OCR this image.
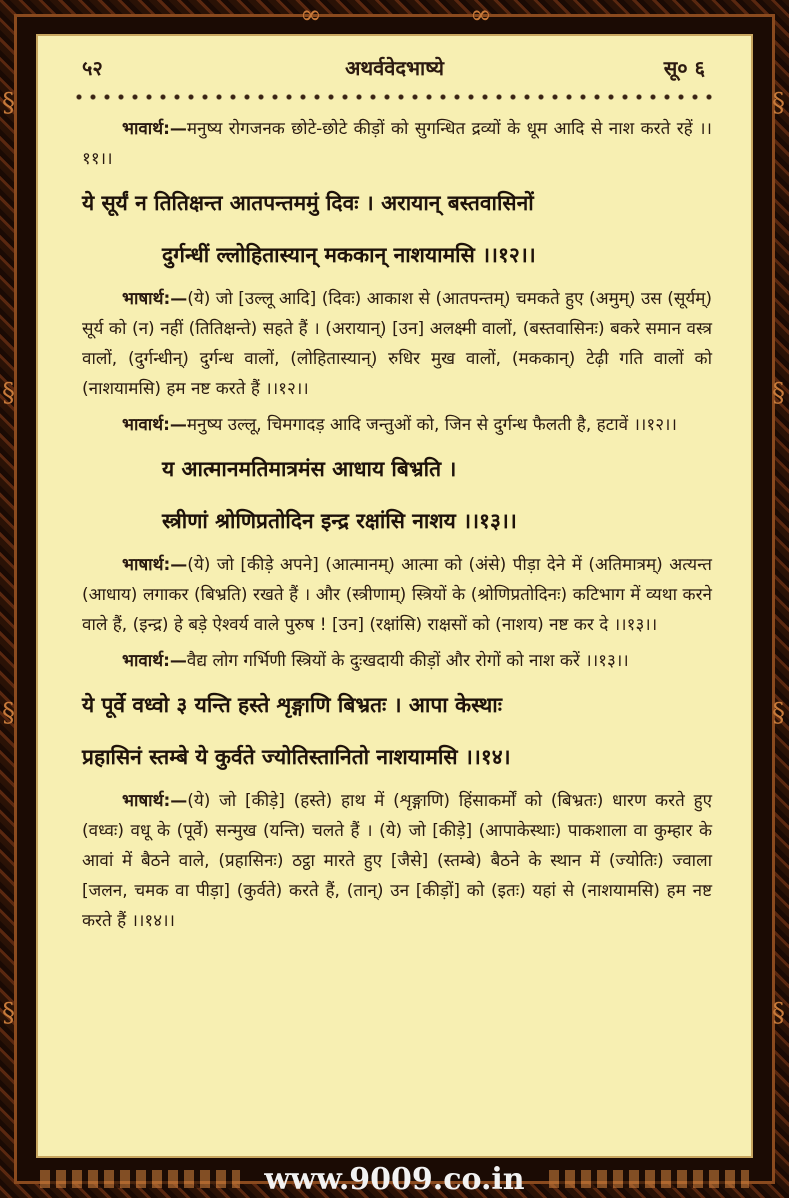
§
§
§
§
§
§
§
§
∞	∞
५२	अथर्ववेदभाष्ये	सू० ६
भावार्थ:—मनुष्य रोगजनक छोटे-छोटे कीड़ों को सुगन्धित द्रव्यों के धूम आदि से नाश करते रहें ।।११।।
ये सूर्यं न तितिक्षन्त आतपन्तममुं दिवः । अरायान् बस्तवासिनों
दुर्गन्धीं ल्लोहितास्यान् मककान् नाशयामसि ।।१२।।
भाषार्थ:—(ये) जो [उल्लू आदि] (दिवः) आकाश से (आतपन्तम्) चमकते हुए (अमुम्) उस (सूर्यम्) सूर्य को (न) नहीं (तितिक्षन्ते) सहते हैं । (अरायान्) [उन] अलक्ष्मी वालों, (बस्तवासिनः) बकरे समान वस्त्र वालों, (दुर्गन्धीन्) दुर्गन्ध वालों, (लोहितास्यान्) रुधिर मुख वालों, (मककान्) टेढ़ी गति वालों को (नाशयामसि) हम नष्ट करते हैं ।।१२।।
भावार्थ:—मनुष्य उल्लू, चिमगादड़ आदि जन्तुओं को, जिन से दुर्गन्ध फैलती है, हटावें ।।१२।।
य आत्मानमतिमात्रमंस आधाय बिभ्रति ।
स्त्रीणां श्रोणिप्रतोदिन इन्द्र रक्षांसि नाशय ।।१३।।
भाषार्थ:—(ये) जो [कीड़े अपने] (आत्मानम्) आत्मा को (अंसे) पीड़ा देने में (अतिमात्रम्) अत्यन्त (आधाय) लगाकर (बिभ्रति) रखते हैं । और (स्त्रीणाम्) स्त्रियों के (श्रोणिप्रतोदिनः) कटिभाग में व्यथा करने वाले हैं, (इन्द्र) हे बड़े ऐश्वर्य वाले पुरुष ! [उन] (रक्षांसि) राक्षसों को (नाशय) नष्ट कर दे ।।१३।।
भावार्थ:—वैद्य लोग गर्भिणी स्त्रियों के दुःखदायी कीड़ों और रोगों को नाश करें ।।१३।।
ये पूर्वे वध्वो ३ यन्ति हस्ते शृङ्गाणि बिभ्रतः । आपा केस्थाः
प्रहासिनं स्तम्बे ये कुर्वते ज्योतिस्तानितो नाशयामसि ।।१४।
भाषार्थ:—(ये) जो [कीड़े] (हस्ते) हाथ में (शृङ्गाणि) हिंसाकर्मों को (बिभ्रतः) धारण करते हुए (वध्वः) वधू के (पूर्वे) सन्मुख (यन्ति) चलते हैं । (ये) जो [कीड़े] (आपाकेस्थाः) पाकशाला वा कुम्हार के आवां में बैठने वाले, (प्रहासिनः) ठट्ठा मारते हुए [जैसे] (स्तम्बे) बैठने के स्थान में (ज्योतिः) ज्वाला [जलन, चमक वा पीड़ा] (कुर्वते) करते हैं, (तान्) उन [कीड़ों] को (इतः) यहां से (नाशयामसि) हम नष्ट करते हैं ।।१४।।
www.9009.co.in
